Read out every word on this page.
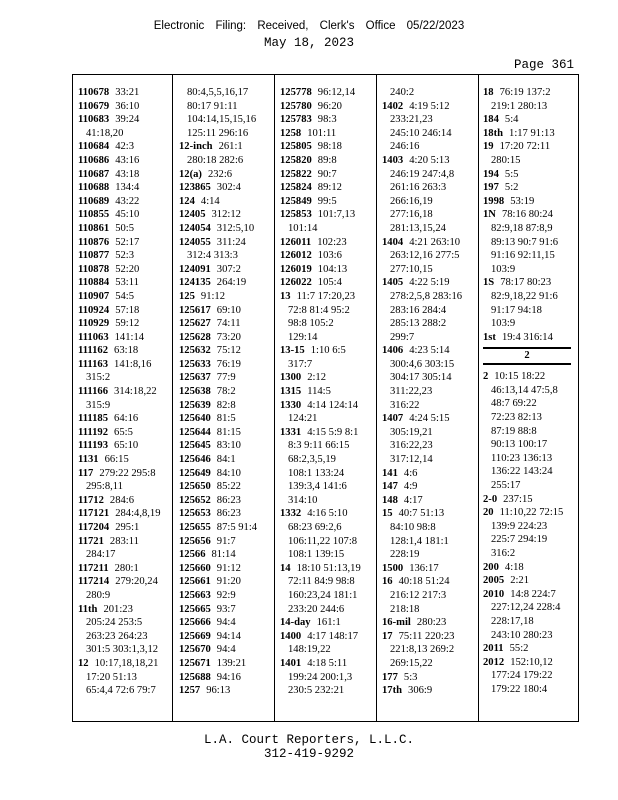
Electronic Filing: Received, Clerk's Office 05/22/2023
May 18, 2023
Page 361
110678 33:21
110679 36:10
110683 39:24
41:18,20
110684 42:3
110686 43:16
110687 43:18
110688 134:4
110689 43:22
110855 45:10
110861 50:5
110876 52:17
110877 52:3
110878 52:20
110884 53:11
110907 54:5
110924 57:18
110929 59:12
111063 141:14
111162 63:18
111163 141:8,16
315:2
111166 314:18,22
315:9
111185 64:16
111192 65:5
111193 65:10
1131 66:15
117 279:22 295:8
295:8,11
11712 284:6
117121 284:4,8,19
117204 295:1
11721 283:11
284:17
117211 280:1
117214 279:20,24
280:9
11th 201:23
205:24 253:5
263:23 264:23
301:5 303:1,3,12
12 10:17,18,18,21
17:20 51:13
65:4,4 72:6 79:7
80:4,5,5,16,17
80:17 91:11
104:14,15,15,16
125:11 296:16
12-inch 261:1
280:18 282:6
12(a) 232:6
123865 302:4
124 4:14
12405 312:12
124054 312:5,10
124055 311:24
312:4 313:3
124091 307:2
124135 264:19
125 91:12
125617 69:10
125627 74:11
125628 73:20
125632 75:12
125633 76:19
125637 77:9
125638 78:2
125639 82:8
125640 81:5
125644 81:15
125645 83:10
125646 84:1
125649 84:10
125650 85:22
125652 86:23
125653 86:23
125655 87:5 91:4
125656 91:7
12566 81:14
125660 91:12
125661 91:20
125663 92:9
125665 93:7
125666 94:4
125669 94:14
125670 94:4
125671 139:21
125688 94:16
1257 96:13
125778 96:12,14
125780 96:20
125783 98:3
1258 101:11
125805 98:18
125820 89:8
125822 90:7
125824 89:12
125849 99:5
125853 101:7,13
101:14
126011 102:23
126012 103:6
126019 104:13
126022 105:4
13 11:7 17:20,23
72:8 81:4 95:2
98:8 105:2
129:14
13-15 1:10 6:5
317:7
1300 2:12
1315 114:5
1330 4:14 124:14
124:21
1331 4:15 5:9 8:1
8:3 9:11 66:15
68:2,3,5,19
108:1 133:24
139:3,4 141:6
314:10
1332 4:16 5:10
68:23 69:2,6
106:11,22 107:8
108:1 139:15
14 18:10 51:13,19
72:11 84:9 98:8
160:23,24 181:1
233:20 244:6
14-day 161:1
1400 4:17 148:17
148:19,22
1401 4:18 5:11
199:24 200:1,3
230:5 232:21
240:2
1402 4:19 5:12
233:21,23
245:10 246:14
246:16
1403 4:20 5:13
246:19 247:4,8
261:16 263:3
266:16,19
277:16,18
281:13,15,24
1404 4:21 263:10
263:12,16 277:5
277:10,15
1405 4:22 5:19
278:2,5,8 283:16
283:16 284:4
285:13 288:2
299:7
1406 4:23 5:14
300:4,6 303:15
304:17 305:14
311:22,23
316:22
1407 4:24 5:15
305:19,21
316:22,23
317:12,14
141 4:6
147 4:9
148 4:17
15 40:7 51:13
84:10 98:8
128:1,4 181:1
228:19
1500 136:17
16 40:18 51:24
216:12 217:3
218:18
16-mil 280:23
17 75:11 220:23
221:8,13 269:2
269:15,22
177 5:3
17th 306:9
18 76:19 137:2
219:1 280:13
184 5:4
18th 1:17 91:13
19 17:20 72:11
280:15
194 5:5
197 5:2
1998 53:19
1N 78:16 80:24
82:9,18 87:8,9
89:13 90:7 91:6
91:16 92:11,15
103:9
1S 78:17 80:23
82:9,18,22 91:6
91:17 94:18
103:9
1st 19:4 316:14
2
2 10:15 18:22
46:13,14 47:5,8
48:7 69:22
72:23 82:13
87:19 88:8
90:13 100:17
110:23 136:13
136:22 143:24
255:17
2-0 237:15
20 11:10,22 72:15
139:9 224:23
225:7 294:19
316:2
200 4:18
2005 2:21
2010 14:8 224:7
227:12,24 228:4
228:17,18
243:10 280:23
2011 55:2
2012 152:10,12
177:24 179:22
179:22 180:4
L.A. Court Reporters, L.L.C.
312-419-9292
